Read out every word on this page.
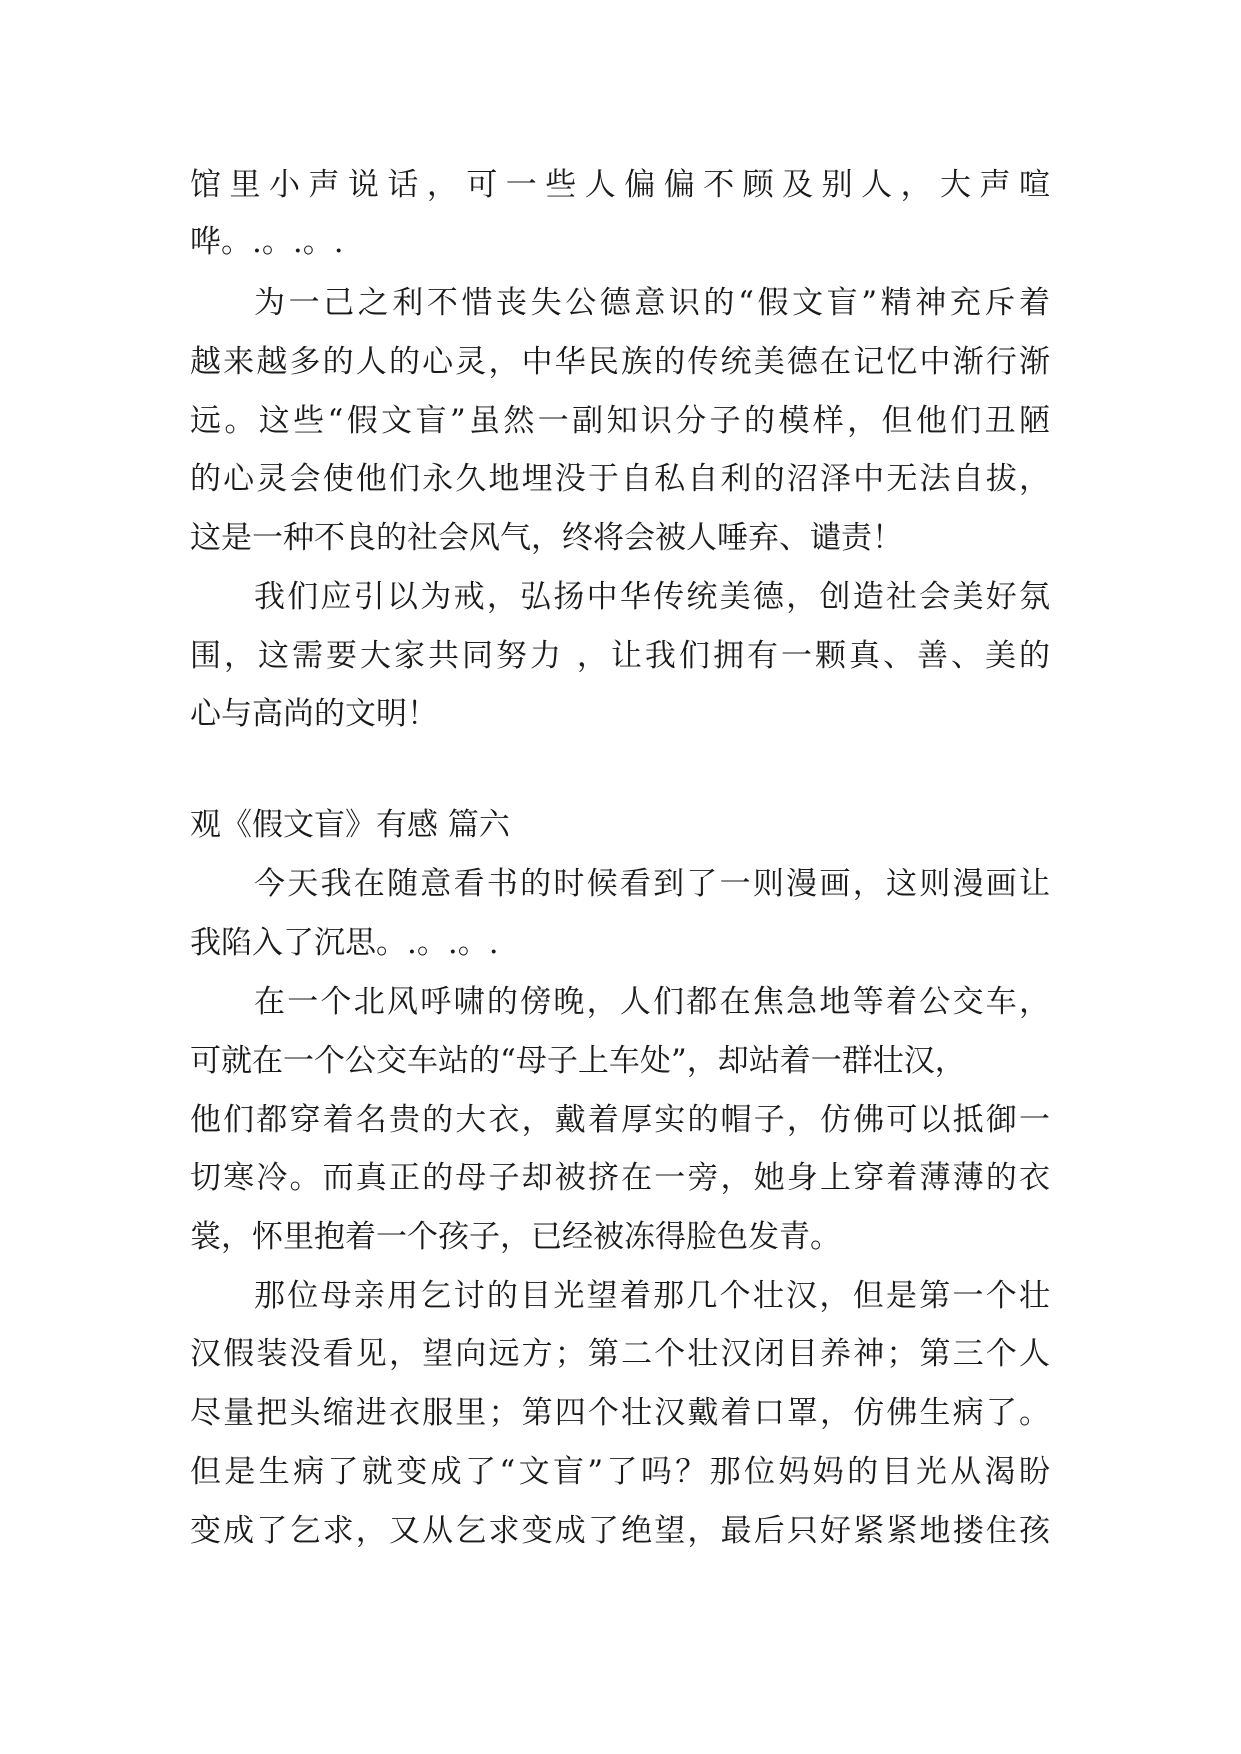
馆里小声说话，可一些人偏偏不顾及别人，大声喧
哗。.。.。.
为一己之利不惜丧失公德意识的“假文盲”精神充斥着
越来越多的人的心灵，中华民族的传统美德在记忆中渐行渐
远。这些“假文盲”虽然一副知识分子的模样，但他们丑陋
的心灵会使他们永久地埋没于自私自利的沼泽中无法自拔，
这是一种不良的社会风气，终将会被人唾弃、谴责！
我们应引以为戒，弘扬中华传统美德，创造社会美好氛
围，这需要大家共同努力 ，让我们拥有一颗真、善、美的
心与高尚的文明！
观《假文盲》有感 篇六
今天我在随意看书的时候看到了一则漫画，这则漫画让
我陷入了沉思。.。.。.
在一个北风呼啸的傍晚，人们都在焦急地等着公交车，
可就在一个公交车站的“母子上车处”，却站着一群壮汉，
他们都穿着名贵的大衣，戴着厚实的帽子，仿佛可以抵御一
切寒冷。而真正的母子却被挤在一旁，她身上穿着薄薄的衣
裳，怀里抱着一个孩子，已经被冻得脸色发青。
那位母亲用乞讨的目光望着那几个壮汉，但是第一个壮
汉假装没看见，望向远方；第二个壮汉闭目养神；第三个人
尽量把头缩进衣服里；第四个壮汉戴着口罩，仿佛生病了。
但是生病了就变成了“文盲”了吗？那位妈妈的目光从渴盼
变成了乞求，又从乞求变成了绝望，最后只好紧紧地搂住孩
